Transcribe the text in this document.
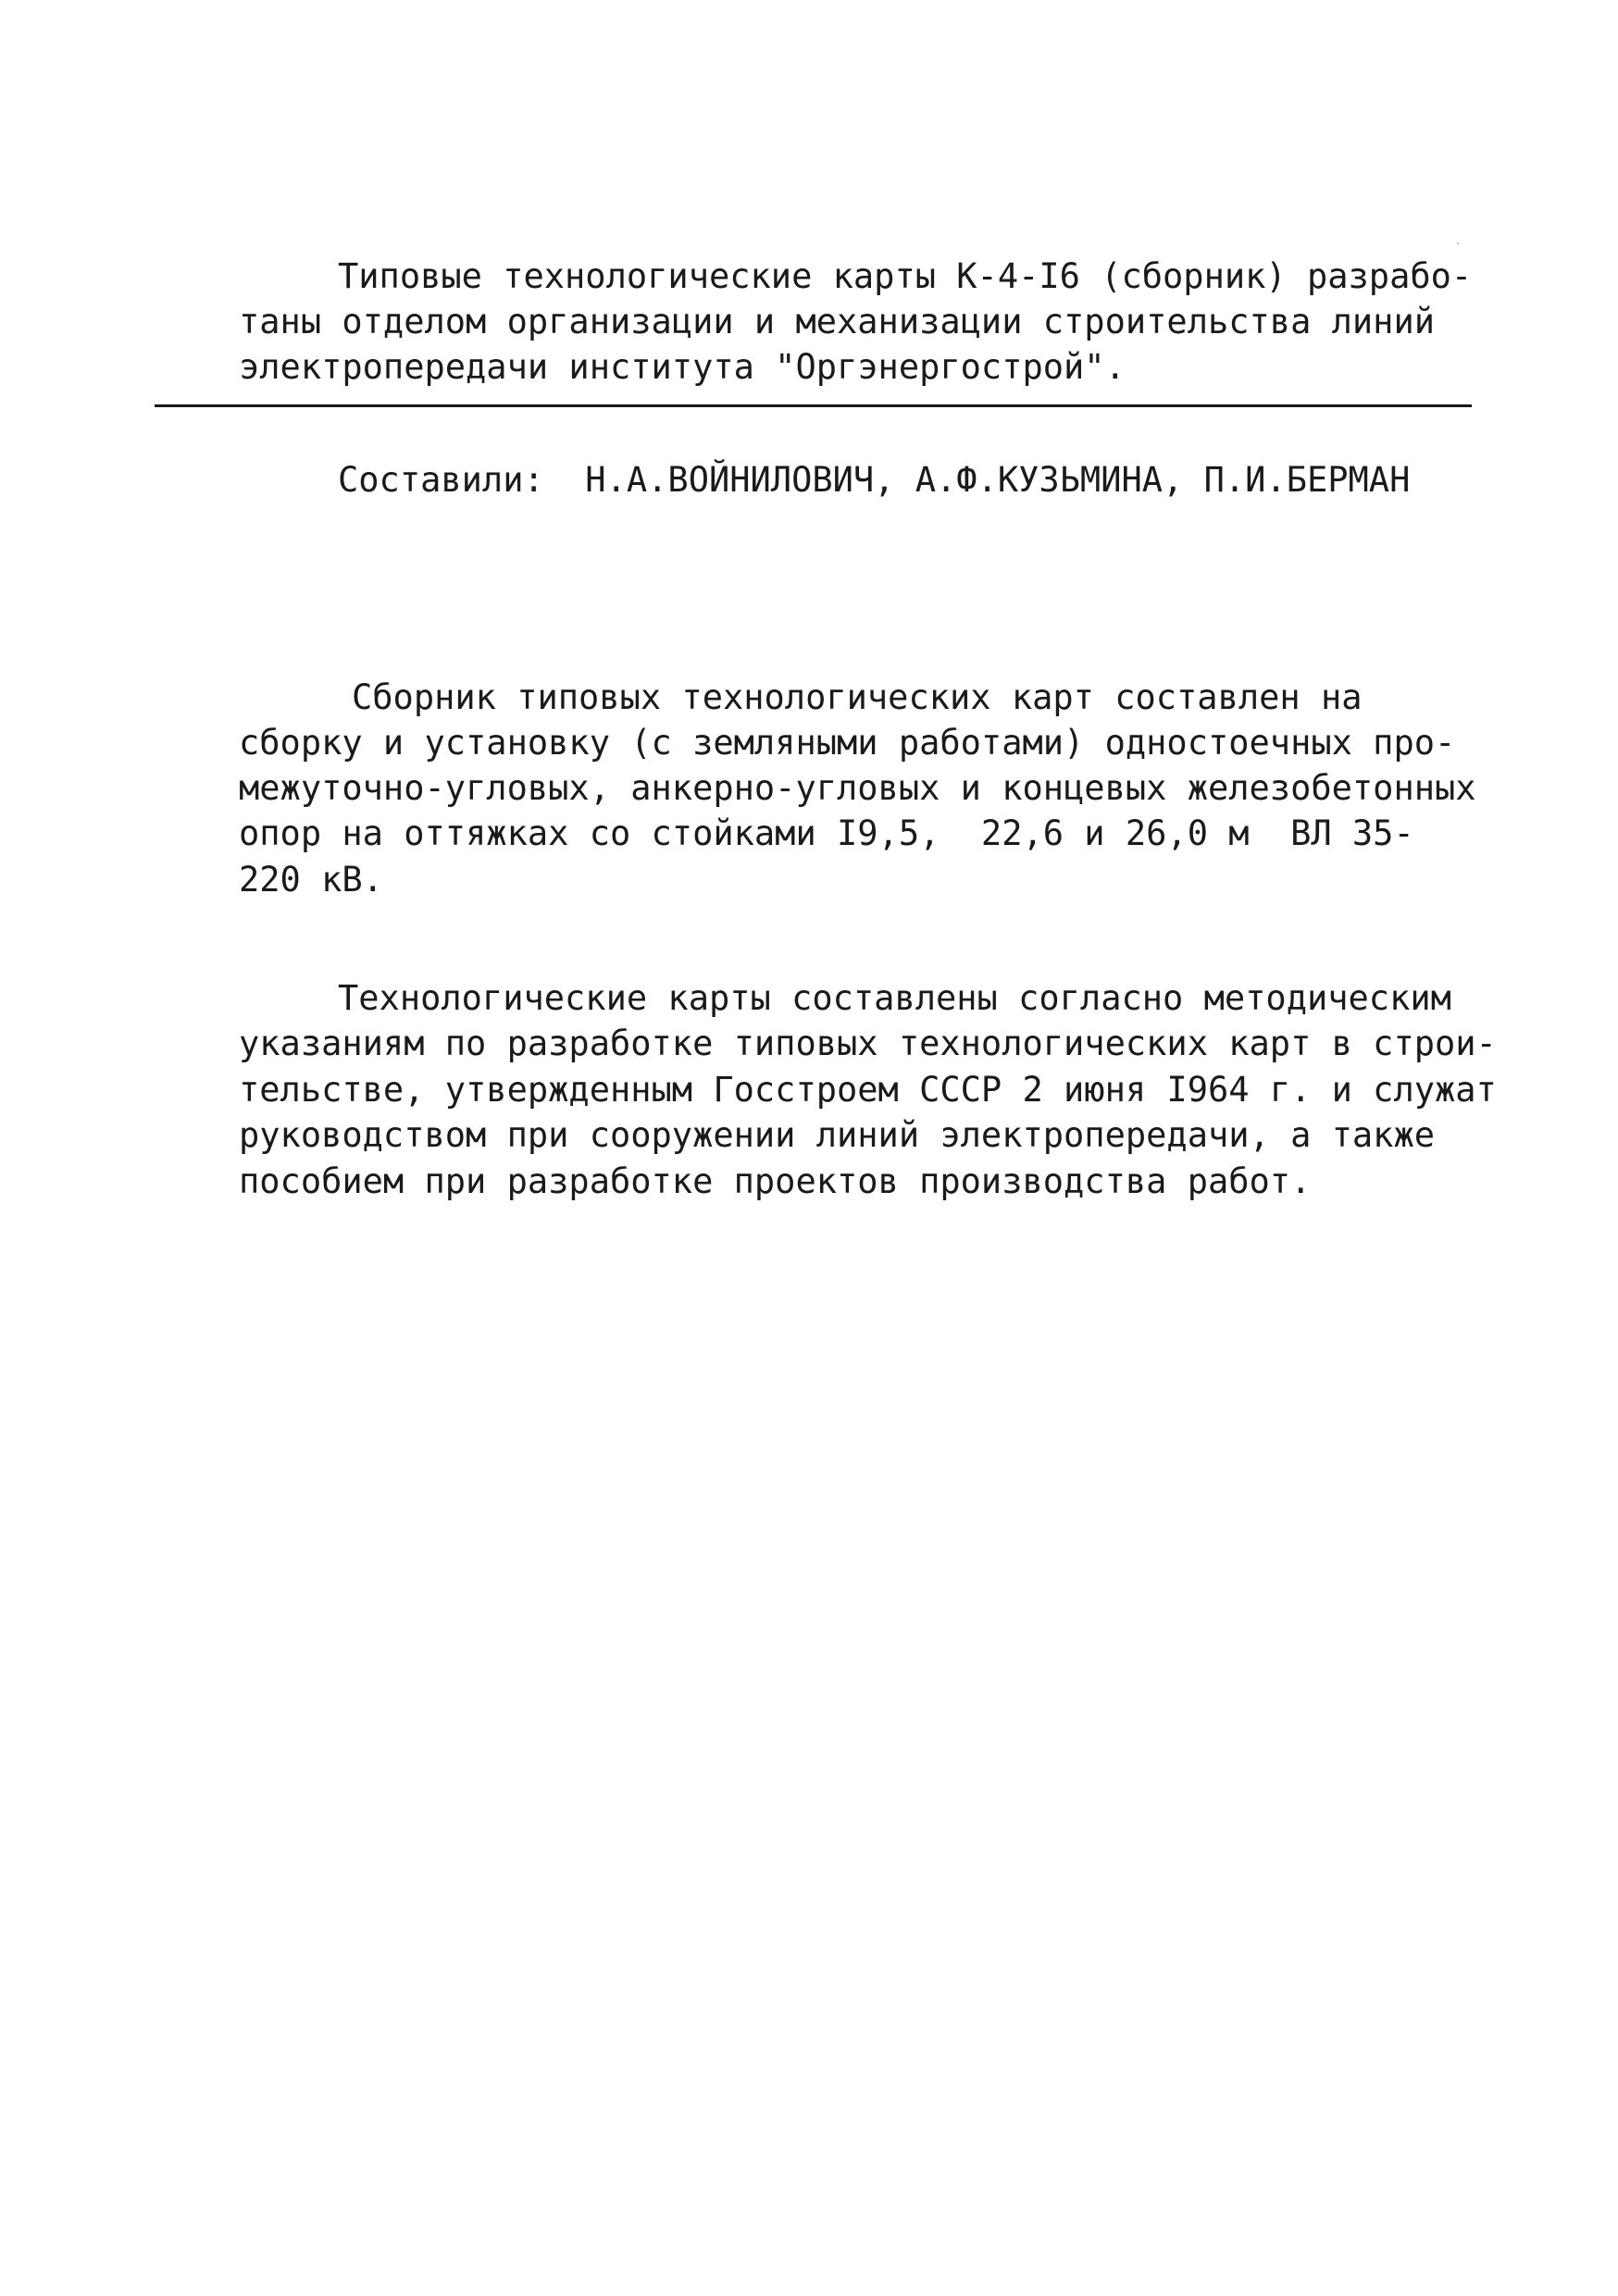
Типовые технологические карты К-4-I6 (сборник) разрабо-
таны отделом организации и механизации строительства линий
электропередачи института "Оргэнергострой".
Составили:  Н.А.ВОЙНИЛОВИЧ, А.Ф.КУЗЬМИНА, П.И.БЕРМАН
Сборник типовых технологических карт составлен на
сборку и установку (с земляными работами) одностоечных про-
межуточно-угловых, анкерно-угловых и концевых железобетонных
опор на оттяжках со стойками I9,5,  22,6 и 26,0 м  ВЛ 35-
220 кВ.
Технологические карты составлены согласно методическим
указаниям по разработке типовых технологических карт в строи-
тельстве, утвержденным Госстроем СССР 2 июня I964 г. и служат
руководством при сооружении линий электропередачи, а также
пособием при разработке проектов производства работ.
